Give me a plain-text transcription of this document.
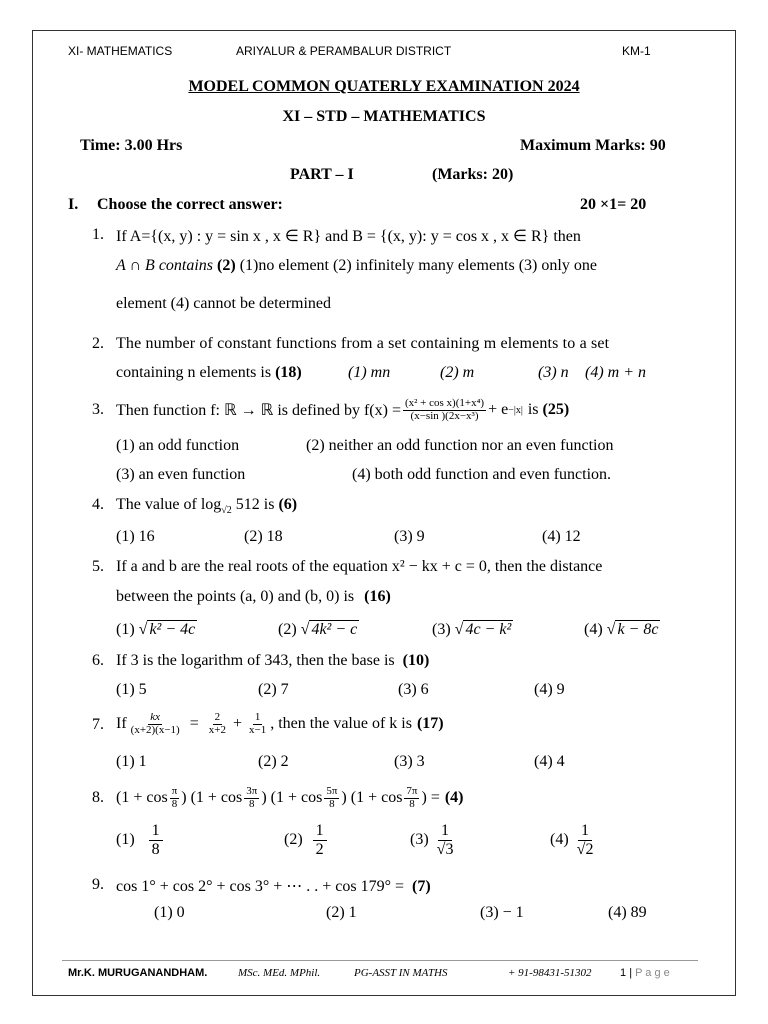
XI- MATHEMATICS	ARIYALUR & PERAMBALUR DISTRICT	KM-1
MODEL COMMON QUATERLY EXAMINATION 2024
XI – STD – MATHEMATICS
Time: 3.00 Hrs	Maximum Marks: 90
PART – I	(Marks: 20)
I. Choose the correct answer:	20 ×1= 20
1. If A={(x, y) : y = sin x , x ∈ R} and B = {(x, y): y = cos x , x ∈ R} then
A ∩ B contains (2) (1)no element (2) infinitely many elements (3) only one
element (4) cannot be determined
2. The number of constant functions from a set containing m elements to a set
containing n elements is (18)	(1) mn	(2) m	(3) n (4) m + n
3. Then function f: ℝ → ℝ is defined by $f(x) = \frac{\text{(x² + cos x)(1+x⁴)}}{\text{(x−sin )(2x−x³)}} + e -|x|$ is (25)
(1) an odd function	(2) neither an odd function nor an even function
(3) an even function	(4) both odd function and even function.
4. The value of $\log_{√2} 512$ is (6)
(1) 16	(2) 18	(3) 9	(4) 12
5. If a and b are the real roots of the equation x² − kx + c = 0, then the distance
between the points (a, 0) and (b, 0) is (16)
(1) √ k² − 4c	(2) √ 4k² − c	(3) √ 4c − k²	(4) √ k − 8c
6. If 3 is the logarithm of 343, then the base is (10)
(1) 5	(2) 7	(3) 6	(4) 9
7. If $\frac{kx}{(x+2)(x-1)} = \frac{2}{x+2} + \frac{1}{x-1}$ , then the value of k is (17)
(1) 1	(2) 2	(3) 3	(4) 4
8. ($1 + \cos \frac{\pi}{8}$ ) ($1 + \cos \frac{3\pi}{8}$ ) ($1 + \cos \frac{5\pi}{8}$ ) ($1 + \cos \frac{7\pi}{8}$ ) = (4)
$(1) \frac{1}{8}$	$(2) \frac{1}{2}$	$(3) \frac{1}{√3}$	$(4) \frac{1}{√2}$
9. cos 1° + cos 2° + cos 3° + ⋯ . . + cos 179° = (7)
(1) 0	(2) 1	(3) − 1	(4) 89
Mr.K. MURUGANANDHAM.	MSc. MEd. MPhil.	PG-ASST IN MATHS	+ 91-98431-51302	1 | P a g e
